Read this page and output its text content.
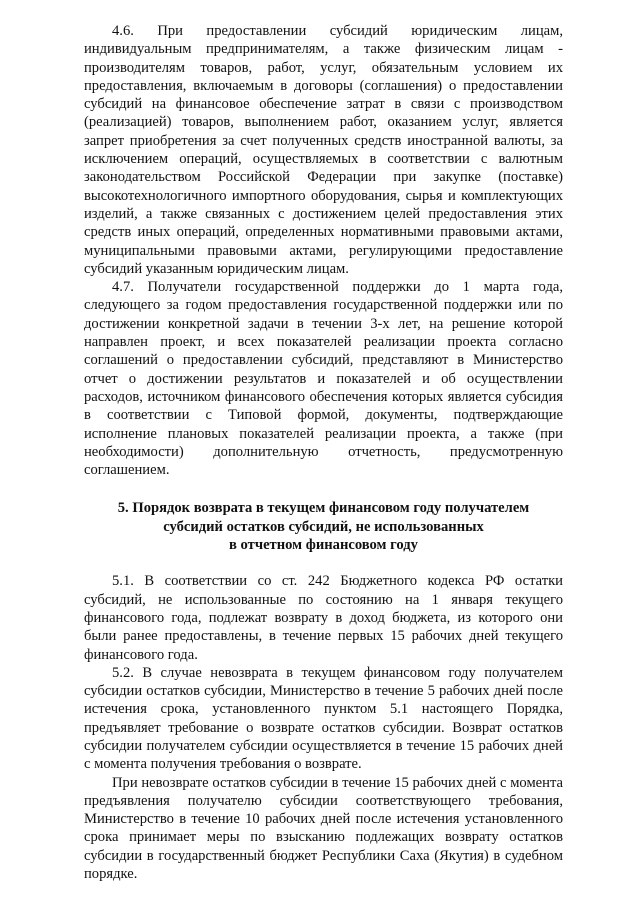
4.6. При предоставлении субсидий юридическим лицам, индивидуальным предпринимателям, а также физическим лицам - производителям товаров, работ, услуг, обязательным условием их предоставления, включаемым в договоры (соглашения) о предоставлении субсидий на финансовое обеспечение затрат в связи с производством (реализацией) товаров, выполнением работ, оказанием услуг, является запрет приобретения за счет полученных средств иностранной валюты, за исключением операций, осуществляемых в соответствии с валютным законодательством Российской Федерации при закупке (поставке) высокотехнологичного импортного оборудования, сырья и комплектующих изделий, а также связанных с достижением целей предоставления этих средств иных операций, определенных нормативными правовыми актами, муниципальными правовыми актами, регулирующими предоставление субсидий указанным юридическим лицам.

4.7. Получатели государственной поддержки до 1 марта года, следующего за годом предоставления государственной поддержки или по достижении конкретной задачи в течении 3-х лет, на решение которой направлен проект, и всех показателей реализации проекта согласно соглашений о предоставлении субсидий, представляют в Министерство отчет о достижении результатов и показателей и об осуществлении расходов, источником финансового обеспечения которых является субсидия в соответствии с Типовой формой, документы, подтверждающие исполнение плановых показателей реализации проекта, а также (при необходимости) дополнительную отчетность, предусмотренную соглашением.

5. Порядок возврата в текущем финансовом году получателем
субсидий остатков субсидий, не использованных
в отчетном финансовом году

5.1. В соответствии со ст. 242 Бюджетного кодекса РФ остатки субсидий, не использованные по состоянию на 1 января текущего финансового года, подлежат возврату в доход бюджета, из которого они были ранее предоставлены, в течение первых 15 рабочих дней текущего финансового года.

5.2. В случае невозврата в текущем финансовом году получателем субсидии остатков субсидии, Министерство в течение 5 рабочих дней после истечения срока, установленного пунктом 5.1 настоящего Порядка, предъявляет требование о возврате остатков субсидии. Возврат остатков субсидии получателем субсидии осуществляется в течение 15 рабочих дней с момента получения требования о возврате.

При невозврате остатков субсидии в течение 15 рабочих дней с момента предъявления получателю субсидии соответствующего требования, Министерство в течение 10 рабочих дней после истечения установленного срока принимает меры по взысканию подлежащих возврату остатков субсидии в государственный бюджет Республики Саха (Якутия) в судебном порядке.
